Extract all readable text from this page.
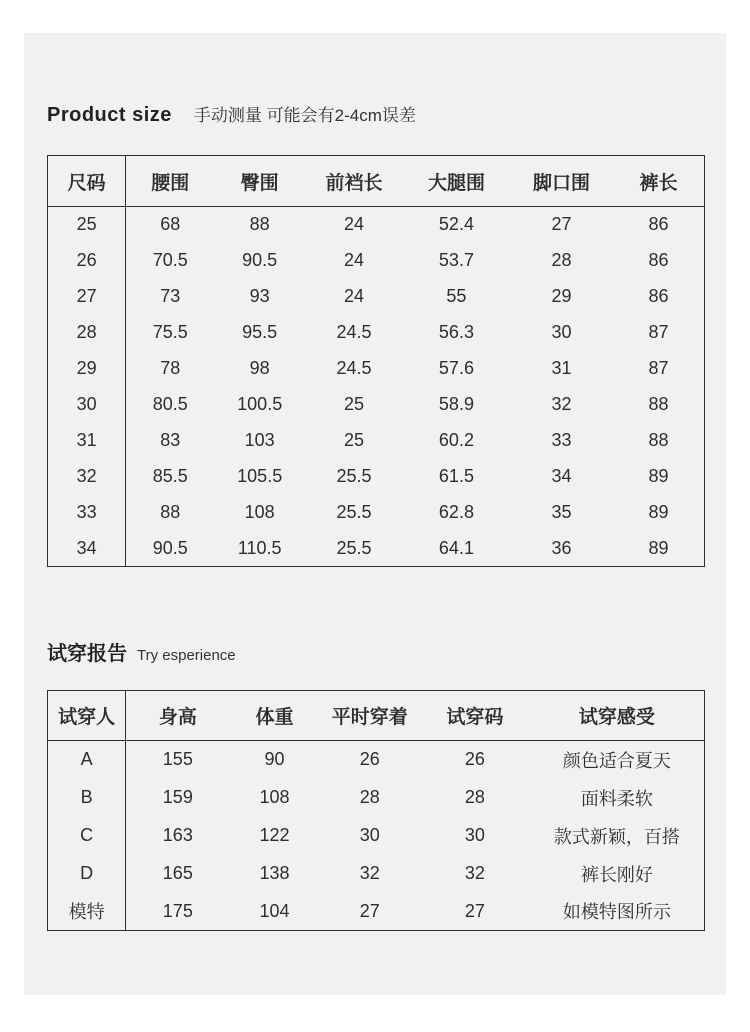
Product size 手动测量 可能会有2-4cm误差
尺码	腰围	臀围	前裆长	大腿围	脚口围	裤长
25	68	88	24	52.4	27	86
26	70.5	90.5	24	53.7	28	86
27	73	93	24	55	29	86
28	75.5	95.5	24.5	56.3	30	87
29	78	98	24.5	57.6	31	87
30	80.5	100.5	25	58.9	32	88
31	83	103	25	60.2	33	88
32	85.5	105.5	25.5	61.5	34	89
33	88	108	25.5	62.8	35	89
34	90.5	110.5	25.5	64.1	36	89
试穿报告 Try esperience
试穿人	身高	体重	平时穿着	试穿码	试穿感受
A	155	90	26	26	颜色适合夏天
B	159	108	28	28	面料柔软
C	163	122	30	30	款式新颖，百搭
D	165	138	32	32	裤长刚好
模特	175	104	27	27	如模特图所示
